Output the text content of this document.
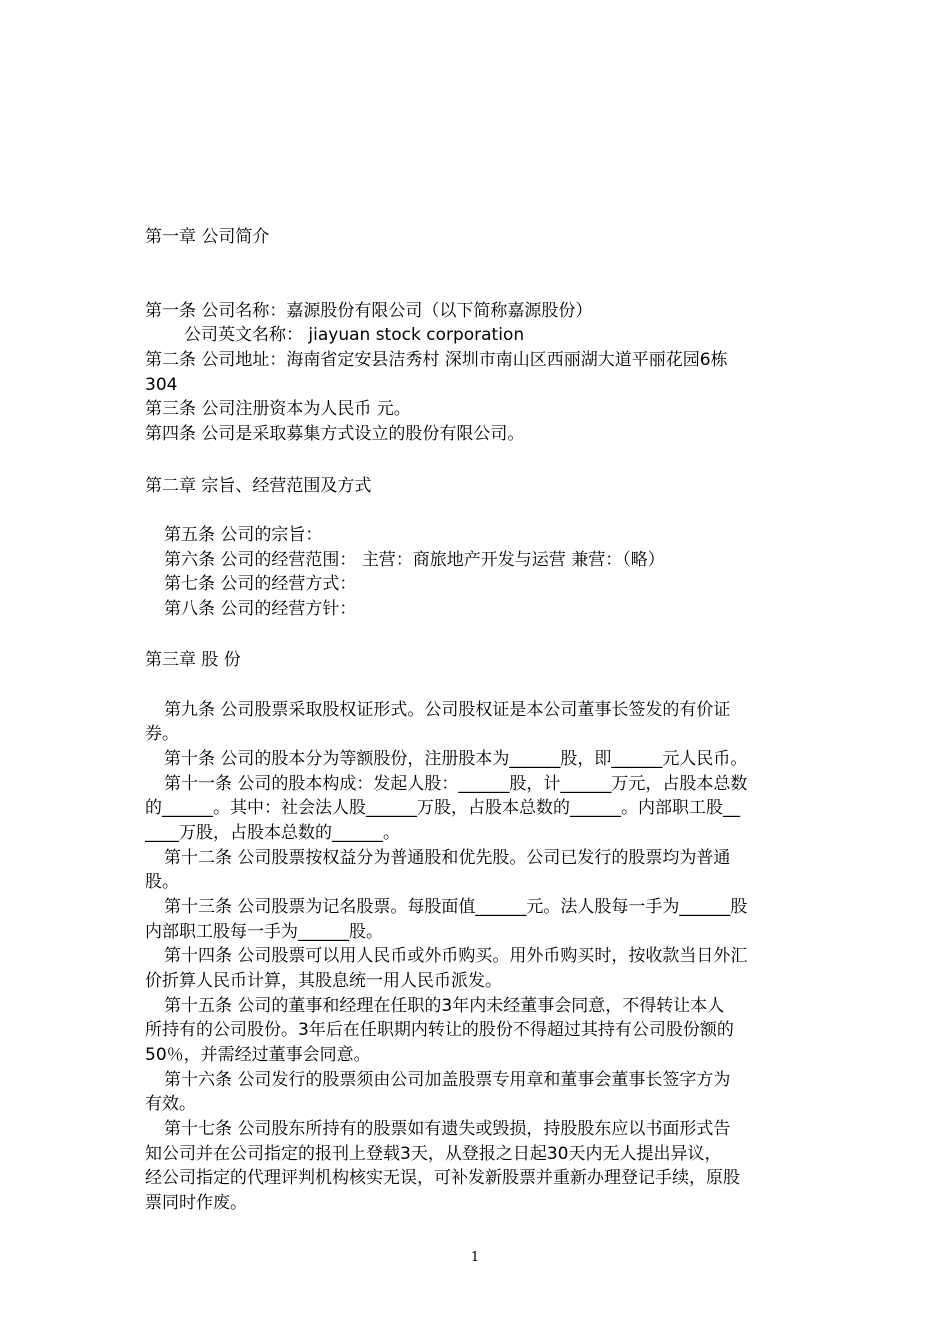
第一章 公司简介
第一条 公司名称：嘉源股份有限公司（以下简称嘉源股份）
公司英文名称： jiayuan stock corporation
第二条 公司地址：海南省定安县洁秀村 深圳市南山区西丽湖大道平丽花园6栋
304
第三条 公司注册资本为人民币 元。
第四条 公司是采取募集方式设立的股份有限公司。
第二章 宗旨、经营范围及方式
第五条 公司的宗旨：
第六条 公司的经营范围： 主营：商旅地产开发与运营 兼营：（略）
第七条 公司的经营方式：
第八条 公司的经营方针：
第三章 股 份
第九条 公司股票采取股权证形式。公司股权证是本公司董事长签发的有价证
券。
第十条 公司的股本分为等额股份，注册股本为______股，即______元人民币。
第十一条 公司的股本构成：发起人股：______股，计______万元，占股本总数
的______。其中：社会法人股______万股，占股本总数的______。内部职工股__
____万股，占股本总数的______。
第十二条 公司股票按权益分为普通股和优先股。公司已发行的股票均为普通
股。
第十三条 公司股票为记名股票。每股面值______元。法人股每一手为______股
内部职工股每一手为______股。
第十四条 公司股票可以用人民币或外币购买。用外币购买时，按收款当日外汇
价折算人民币计算，其股息统一用人民币派发。
第十五条 公司的董事和经理在任职的3年内未经董事会同意，不得转让本人
所持有的公司股份。3年后在任职期内转让的股份不得超过其持有公司股份额的
50％，并需经过董事会同意。
第十六条 公司发行的股票须由公司加盖股票专用章和董事会董事长签字方为
有效。
第十七条 公司股东所持有的股票如有遗失或毁损，持股股东应以书面形式告
知公司并在公司指定的报刊上登载3天，从登报之日起30天内无人提出异议，
经公司指定的代理评判机构核实无误，可补发新股票并重新办理登记手续，原股
票同时作废。
1
